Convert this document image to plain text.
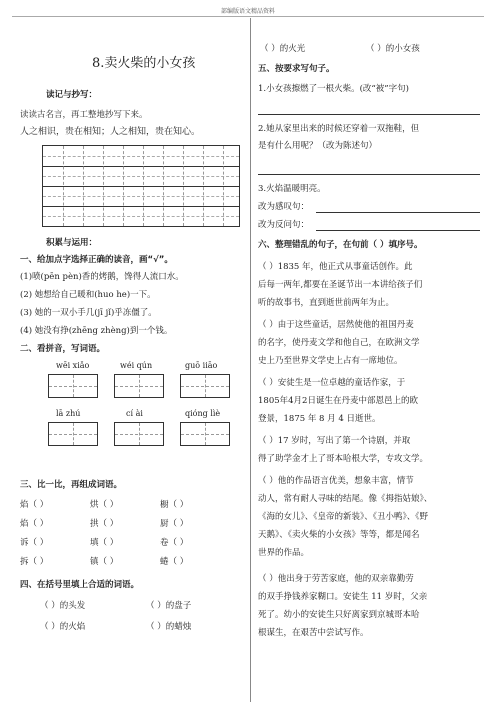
部编版语文精品资料
8.卖火柴的小女孩
读记与抄写：
读读古名言，再工整地抄写下来。
人之相识，贵在相知；人之相知，贵在知心。
积累与运用：
一、给加点字选择正确的读音，画“√”。
(1)喷(pēn pèn)香的烤鹅，馋得人流口水。
(2) 她想给自己暖和(huo he)一下。
(3) 她的一双小手几(jī jǐ)乎冻僵了。
(4) 她没有挣(zhēng zhèng)到一个钱。
二、看拼音，写词语。
wēi xiǎo	wéi qún	guō iiāo
lā zhú	cí ài	qióng lìè
三、比一比，再组成词语。
焰（ ）	烘（ ）	橱（ ）
焰（ ）	拱（ ）	厨（ ）
诉（ ）	填（ ）	卷（ ）
拆（ ）	镇（ ）	蜷（ ）
四、在括号里填上合适的词语。
（ ）的头发	（ ）的盘子
（ ）的火焰	（ ）的蜡烛
（ ）的火光	（ ）的小女孩
五、按要求写句子。
1.小女孩擦燃了一根火柴。(改“被”字句)
2.她从家里出来的时候还穿着一双拖鞋，但
是有什么用呢？（改为陈述句）
3.火焰温暖明亮。
改为感叹句：
改为反问句：
六、整理错乱的句子，在句前（ ）填序号。
（ ）1835 年，他正式从事童话创作。此
后每一两年,都要在圣诞节出一本讲给孩子们
听的故事书，直到逝世前两年为止。
（ ）由于这些童话，居然使他的祖国丹麦
的名字，使丹麦文学和他自己，在欧洲文学
史上乃至世界文学史上占有一席地位。
（ ）安徒生是一位卓越的童话作家，于
1805年4月2日诞生在丹麦中部恩邑上的欧
登景，1875 年 8 月 4 日逝世。
（ ）17 岁时，写出了第一个诗剧，并取
得了助学金才上了哥本哈根大学，专攻文学。
（ ）他的作品语言优美，想象丰富，情节
动人，常有耐人寻味的结尾。像《拇指姑娘》、
《海的女儿》、《皇帝的新装》、《丑小鸭》、《野
天鹅》、《卖火柴的小女孩》等等，都是闻名
世界的作品。
（ ）他出身于劳苦家庭，他的双亲靠勤劳
的双手挣钱养家糊口。安徒生 11 岁时，父亲
死了。幼小的安徒生只好离家到京城哥本哈
根谋生，在艰苦中尝试写作。
